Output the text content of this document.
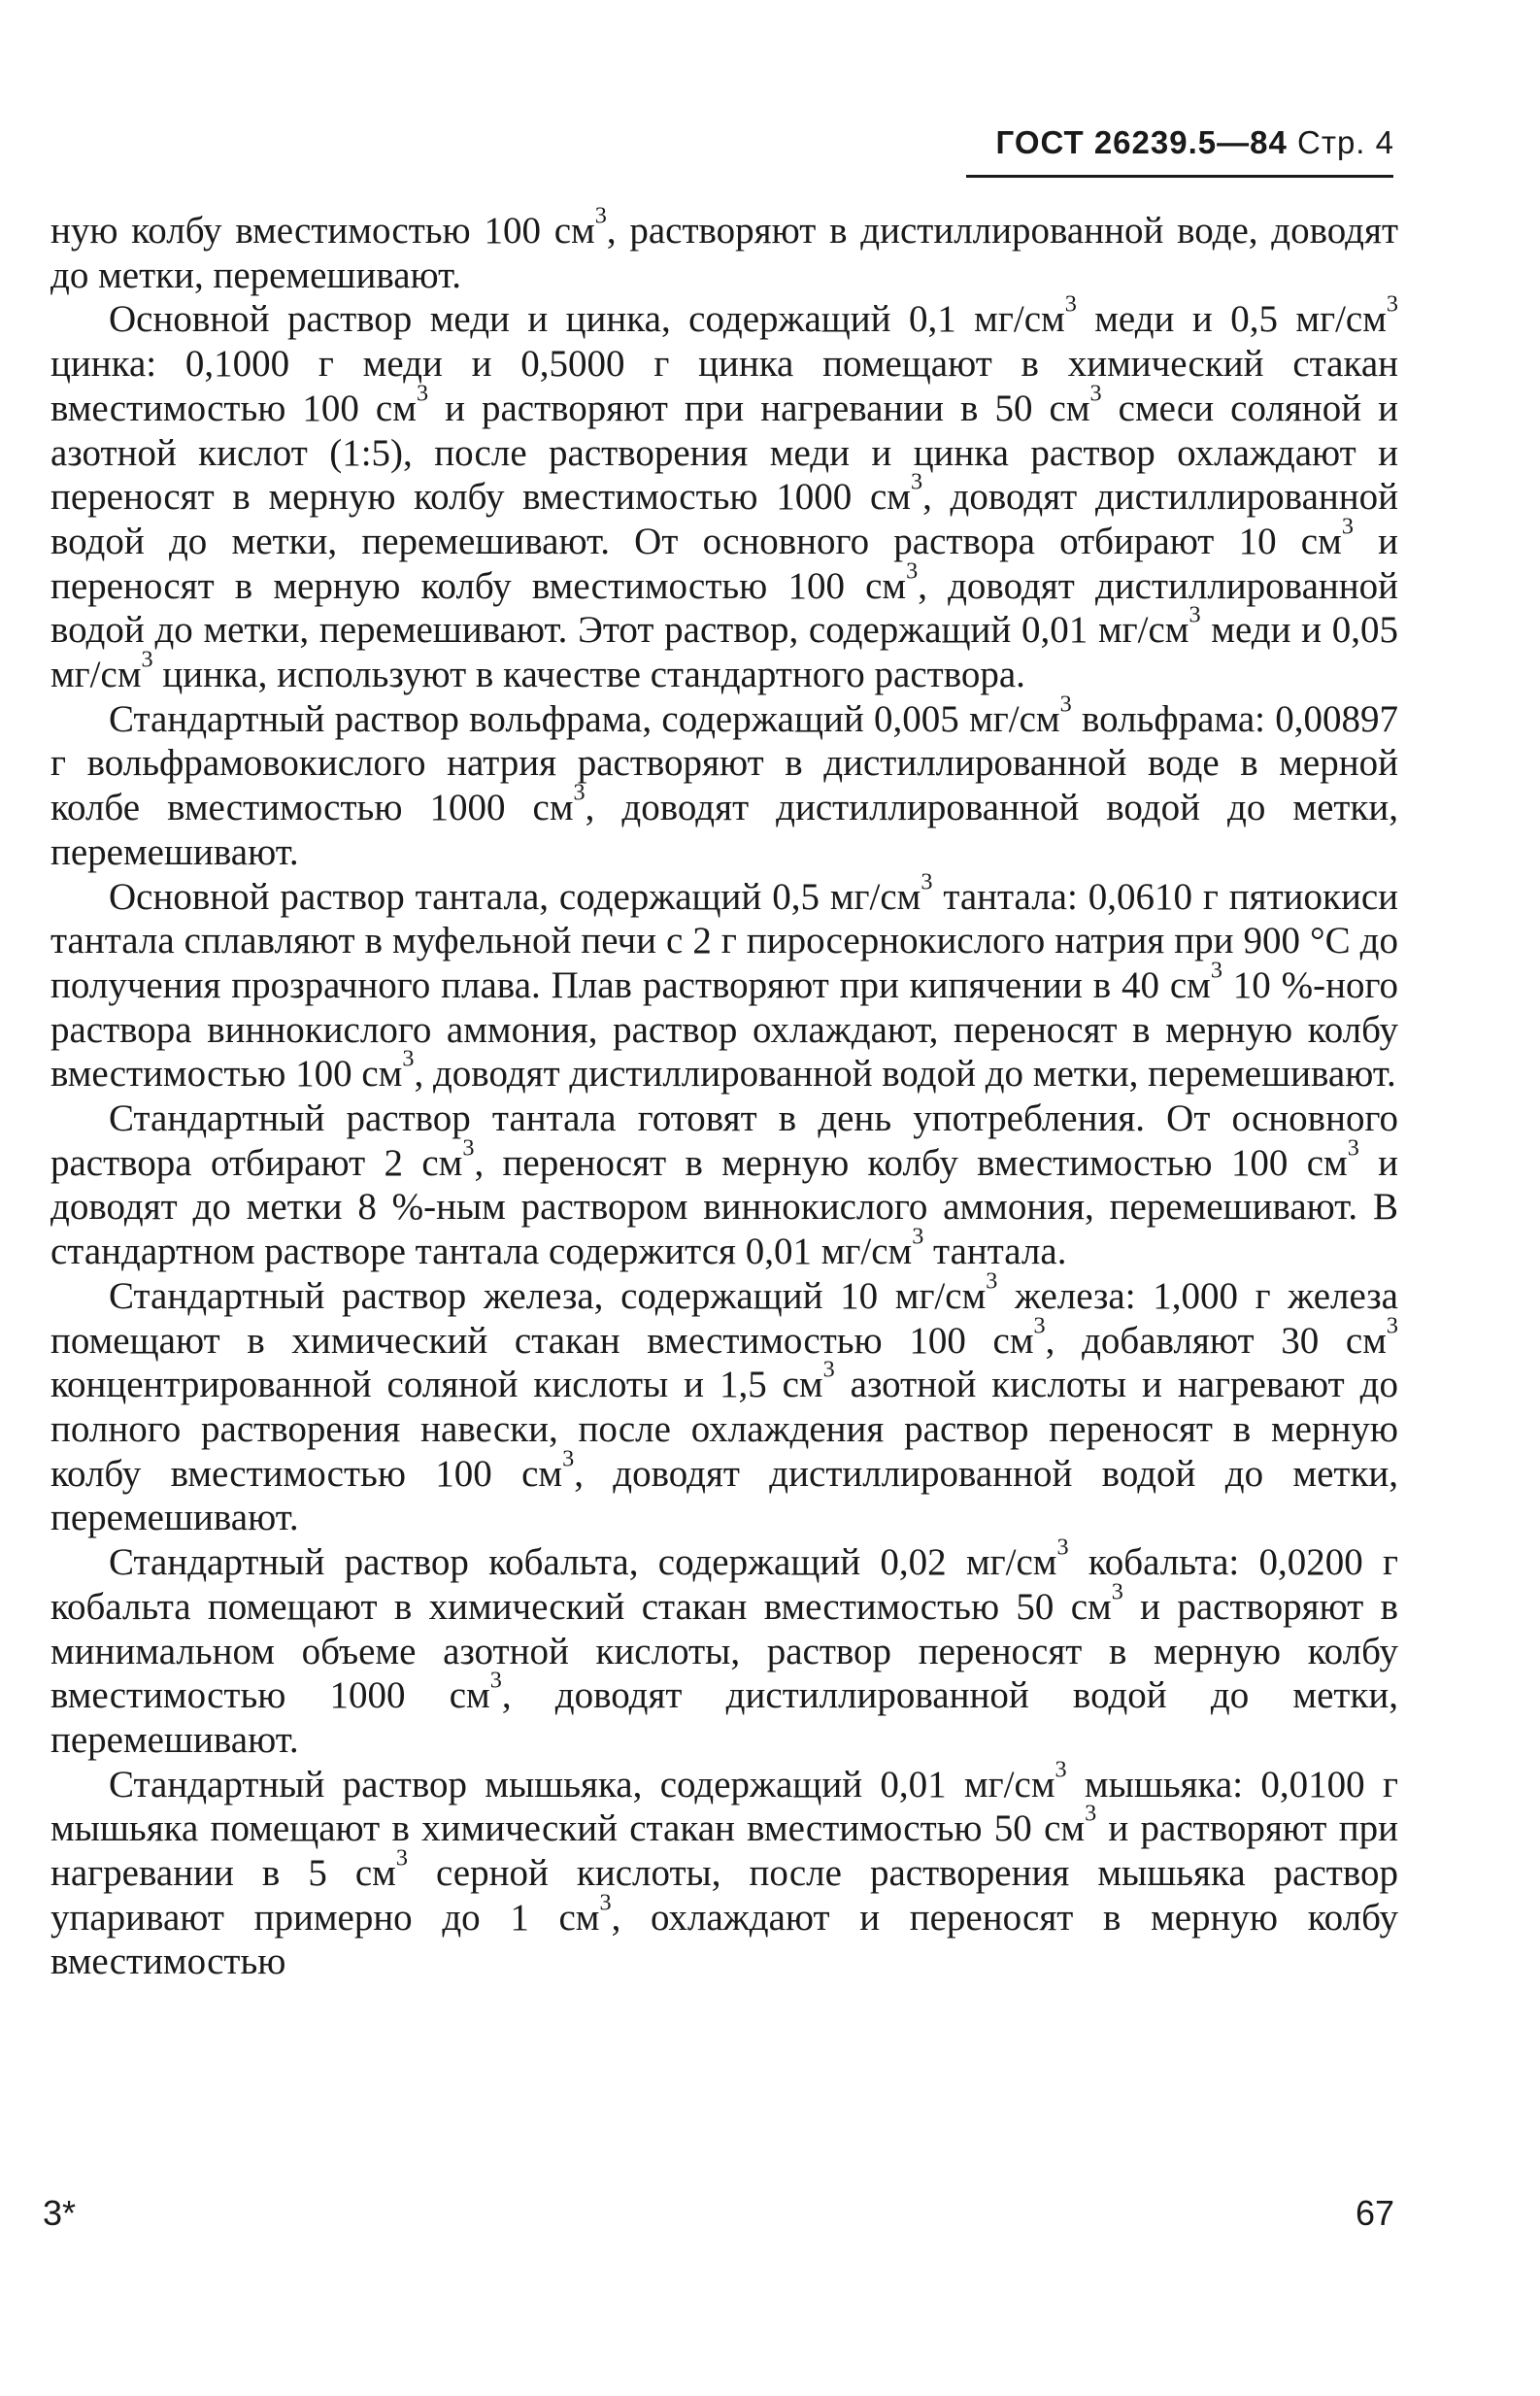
ГОСТ 26239.5—84 Стр. 4

ную колбу вместимостью 100 $см^3$, растворяют в дистиллированной воде, доводят до метки, перемешивают.

Основной раствор меди и цинка, содержащий 0,1 $мг/см^3$ меди и 0,5 $мг/см^3$ цинка: 0,1000 г меди и 0,5000 г цинка помещают в химический стакан вместимостью 100 $см^3$ и растворяют при нагревании в 50 $см^3$ смеси соляной и азотной кислот (1:5), после растворения меди и цинка раствор охлаждают и переносят в мерную колбу вместимостью 1000 $см^3$, доводят дистиллированной водой до метки, перемешивают. От основного раствора отбирают 10 $см^3$ и переносят в мерную колбу вместимостью 100 $см^3$, доводят дистиллированной водой до метки, перемешивают. Этот раствор, содержащий 0,01 $мг/см^3$ меди и 0,05 $мг/см^3$ цинка, используют в качестве стандартного раствора.

Стандартный раствор вольфрама, содержащий 0,005 $мг/см^3$ вольфрама: 0,00897 г вольфрамовокислого натрия растворяют в дистиллированной воде в мерной колбе вместимостью 1000 $см^3$, доводят дистиллированной водой до метки, перемешивают.

Основной раствор тантала, содержащий 0,5 $мг/см^3$ тантала: 0,0610 г пятиокиси тантала сплавляют в муфельной печи с 2 г пиросернокислого натрия при 900 °С до получения прозрачного плава. Плав растворяют при кипячении в 40 $см^3$ 10 %-ного раствора виннокислого аммония, раствор охлаждают, переносят в мерную колбу вместимостью 100 $см^3$, доводят дистиллированной водой до метки, перемешивают.

Стандартный раствор тантала готовят в день употребления. От основного раствора отбирают 2 $см^3$, переносят в мерную колбу вместимостью 100 $см^3$ и доводят до метки 8 %-ным раствором виннокислого аммония, перемешивают. В стандартном растворе тантала содержится 0,01 $мг/см^3$ тантала.

Стандартный раствор железа, содержащий 10 $мг/см^3$ железа: 1,000 г железа помещают в химический стакан вместимостью 100 $см^3$, добавляют 30 $см^3$ концентрированной соляной кислоты и 1,5 $см^3$ азотной кислоты и нагревают до полного растворения навески, после охлаждения раствор переносят в мерную колбу вместимостью 100 $см^3$, доводят дистиллированной водой до метки, перемешивают.

Стандартный раствор кобальта, содержащий 0,02 $мг/см^3$ кобальта: 0,0200 г кобальта помещают в химический стакан вместимостью 50 $см^3$ и растворяют в минимальном объеме азотной кислоты, раствор переносят в мерную колбу вместимостью 1000 $см^3$, доводят дистиллированной водой до метки, перемешивают.

Стандартный раствор мышьяка, содержащий 0,01 $мг/см^3$ мышьяка: 0,0100 г мышьяка помещают в химический стакан вместимостью 50 $см^3$ и растворяют при нагревании в 5 $см^3$ серной кислоты, после растворения мышьяка раствор упаривают примерно до 1 $см^3$, охлаждают и переносят в мерную колбу вместимостью

3*	67
